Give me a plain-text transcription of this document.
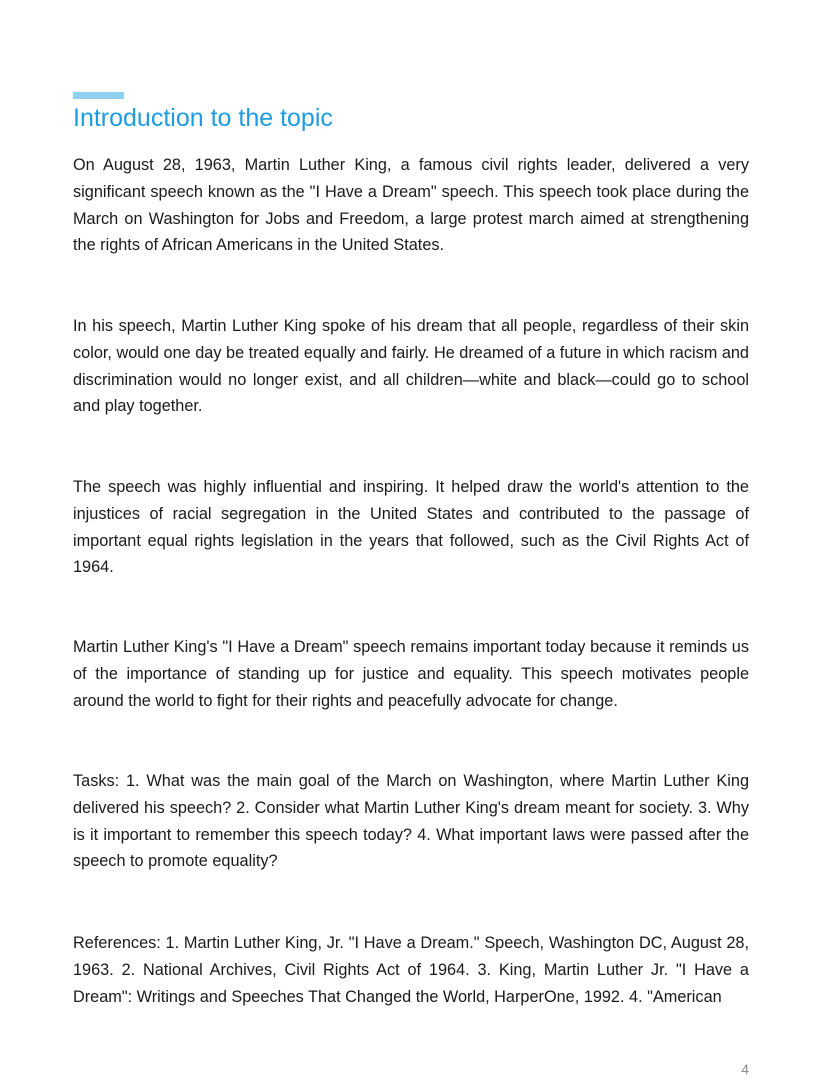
Introduction to the topic

On August 28, 1963, Martin Luther King, a famous civil rights leader, delivered a very significant speech known as the "I Have a Dream" speech. This speech took place during the March on Washington for Jobs and Freedom, a large protest march aimed at strengthening the rights of African Americans in the United States.

In his speech, Martin Luther King spoke of his dream that all people, regardless of their skin color, would one day be treated equally and fairly. He dreamed of a future in which racism and discrimination would no longer exist, and all children—white and black—could go to school and play together.

The speech was highly influential and inspiring. It helped draw the world's attention to the injustices of racial segregation in the United States and contributed to the passage of important equal rights legislation in the years that followed, such as the Civil Rights Act of 1964.

Martin Luther King's "I Have a Dream" speech remains important today because it reminds us of the importance of standing up for justice and equality. This speech motivates people around the world to fight for their rights and peacefully advocate for change.

Tasks: 1. What was the main goal of the March on Washington, where Martin Luther King delivered his speech? 2. Consider what Martin Luther King's dream meant for society. 3. Why is it important to remember this speech today? 4. What important laws were passed after the speech to promote equality?

References: 1. Martin Luther King, Jr. "I Have a Dream." Speech, Washington DC, August 28, 1963. 2. National Archives, Civil Rights Act of 1964. 3. King, Martin Luther Jr. "I Have a Dream": Writings and Speeches That Changed the World, HarperOne, 1992. 4. "American

4
